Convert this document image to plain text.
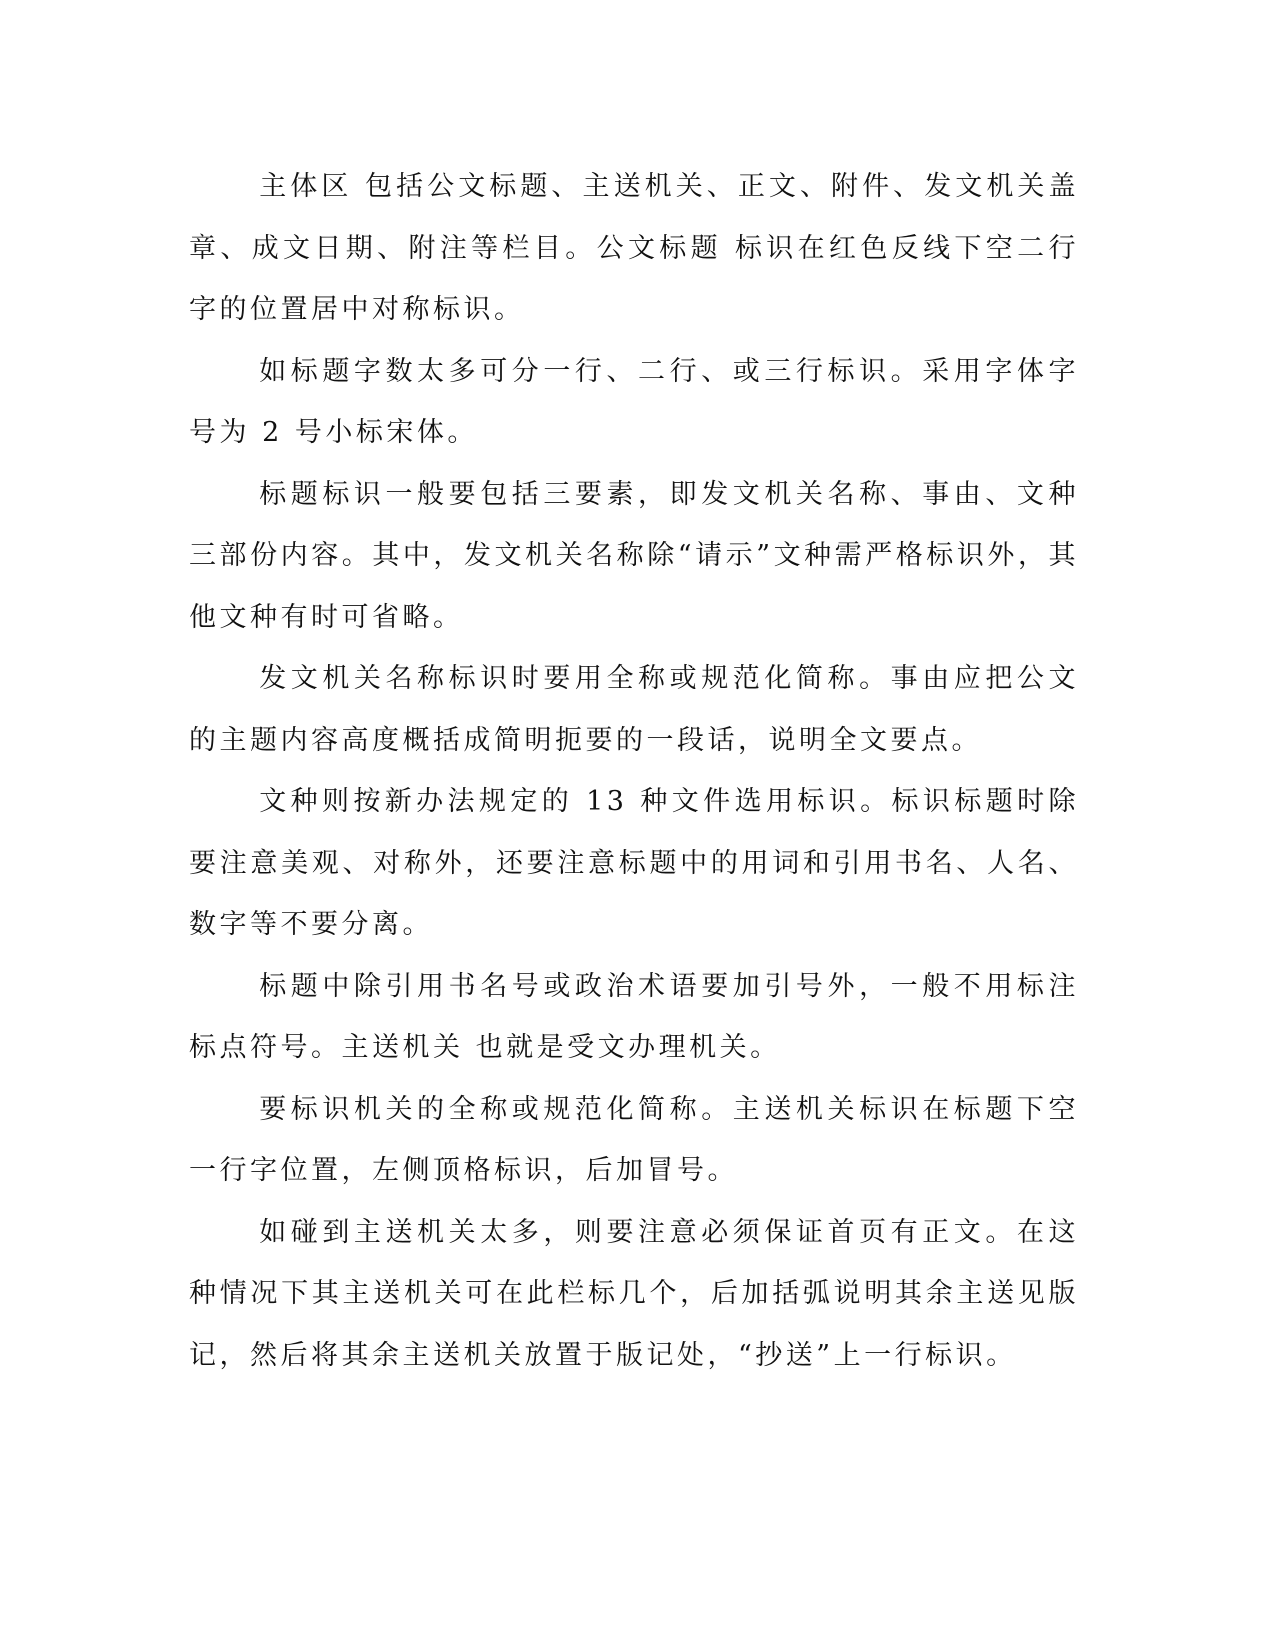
主体区 包括公文标题、主送机关、正文、附件、发文机关盖章、成文日期、附注等栏目。公文标题 标识在红色反线下空二行字的位置居中对称标识。

如标题字数太多可分一行、二行、或三行标识。采用字体字号为 2 号小标宋体。

标题标识一般要包括三要素，即发文机关名称、事由、文种三部份内容。其中，发文机关名称除“请示”文种需严格标识外，其他文种有时可省略。

发文机关名称标识时要用全称或规范化简称。事由应把公文的主题内容高度概括成简明扼要的一段话，说明全文要点。

文种则按新办法规定的 13 种文件选用标识。标识标题时除要注意美观、对称外，还要注意标题中的用词和引用书名、人名、数字等不要分离。

标题中除引用书名号或政治术语要加引号外，一般不用标注标点符号。主送机关 也就是受文办理机关。

要标识机关的全称或规范化简称。主送机关标识在标题下空一行字位置，左侧顶格标识，后加冒号。

如碰到主送机关太多，则要注意必须保证首页有正文。在这种情况下其主送机关可在此栏标几个，后加括弧说明其余主送见版记，然后将其余主送机关放置于版记处，“抄送”上一行标识。
